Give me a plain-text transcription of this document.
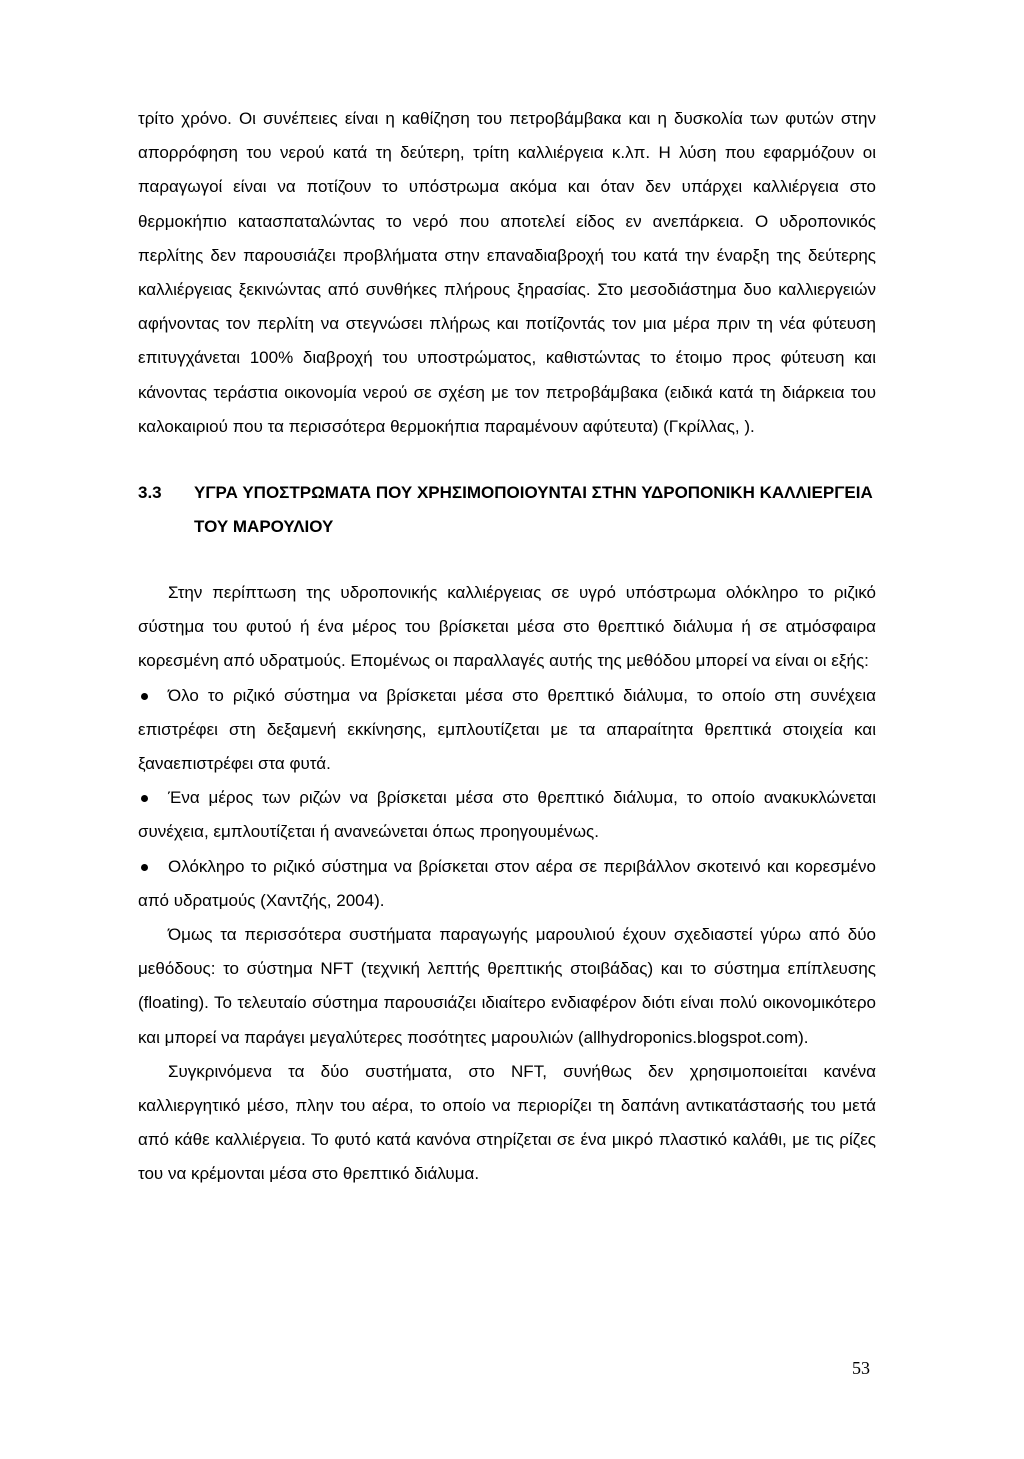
τρίτο χρόνο. Οι συνέπειες είναι η καθίζηση του πετροβάμβακα και η δυσκολία των φυτών στην απορρόφηση του νερού κατά τη δεύτερη, τρίτη καλλιέργεια κ.λπ. Η λύση που εφαρμόζουν οι παραγωγοί είναι να ποτίζουν το υπόστρωμα ακόμα και όταν δεν υπάρχει καλλιέργεια στο θερμοκήπιο κατασπαταλώντας το νερό που αποτελεί είδος εν ανεπάρκεια. Ο υδροπονικός περλίτης δεν παρουσιάζει προβλήματα στην επαναδιαβροχή του κατά την έναρξη της δεύτερης καλλιέργειας ξεκινώντας από συνθήκες πλήρους ξηρασίας. Στο μεσοδιάστημα δυο καλλιεργειών αφήνοντας τον περλίτη να στεγνώσει πλήρως και ποτίζοντάς τον μια μέρα πριν τη νέα φύτευση επιτυγχάνεται 100% διαβροχή του υποστρώματος, καθιστώντας το έτοιμο προς φύτευση και κάνοντας τεράστια οικονομία νερού σε σχέση με τον πετροβάμβακα (ειδικά κατά τη διάρκεια του καλοκαιριού που τα περισσότερα θερμοκήπια παραμένουν αφύτευτα) (Γκρίλλας, ).

3.3	ΥΓΡΑ ΥΠΟΣΤΡΩΜΑΤΑ ΠΟΥ ΧΡΗΣΙΜΟΠΟΙΟΥΝΤΑΙ ΣΤΗΝ ΥΔΡΟΠΟΝΙΚΗ ΚΑΛΛΙΕΡΓΕΙΑ ΤΟΥ ΜΑΡΟΥΛΙΟΥ

Στην περίπτωση της υδροπονικής καλλιέργειας σε υγρό υπόστρωμα ολόκληρο το ριζικό σύστημα του φυτού ή ένα μέρος του βρίσκεται μέσα στο θρεπτικό διάλυμα ή σε ατμόσφαιρα κορεσμένη από υδρατμούς. Επομένως οι παραλλαγές αυτής της μεθόδου μπορεί να είναι οι εξής:

Όλο το ριζικό σύστημα να βρίσκεται μέσα στο θρεπτικό διάλυμα, το οποίο στη συνέχεια επιστρέφει στη δεξαμενή εκκίνησης, εμπλουτίζεται με τα απαραίτητα θρεπτικά στοιχεία και ξαναεπιστρέφει στα φυτά.
Ένα μέρος των ριζών να βρίσκεται μέσα στο θρεπτικό διάλυμα, το οποίο ανακυκλώνεται συνέχεια, εμπλουτίζεται ή ανανεώνεται όπως προηγουμένως.
Ολόκληρο το ριζικό σύστημα να βρίσκεται στον αέρα σε περιβάλλον σκοτεινό και κορεσμένο από υδρατμούς (Χαντζής, 2004).

Όμως τα περισσότερα συστήματα παραγωγής μαρουλιού έχουν σχεδιαστεί γύρω από δύο μεθόδους: το σύστημα NFT (τεχνική λεπτής θρεπτικής στοιβάδας) και το σύστημα επίπλευσης (floating). Το τελευταίο σύστημα παρουσιάζει ιδιαίτερο ενδιαφέρον διότι είναι πολύ οικονομικότερο και μπορεί να παράγει μεγαλύτερες ποσότητες μαρουλιών (allhydroponics.blogspot.com).

Συγκρινόμενα τα δύο συστήματα, στο NFT, συνήθως δεν χρησιμοποιείται κανένα καλλιεργητικό μέσο, πλην του αέρα, το οποίο να περιορίζει τη δαπάνη αντικατάστασής του μετά από κάθε καλλιέργεια. Το φυτό κατά κανόνα στηρίζεται σε ένα μικρό πλαστικό καλάθι, με τις ρίζες του να κρέμονται μέσα στο θρεπτικό διάλυμα.

53
